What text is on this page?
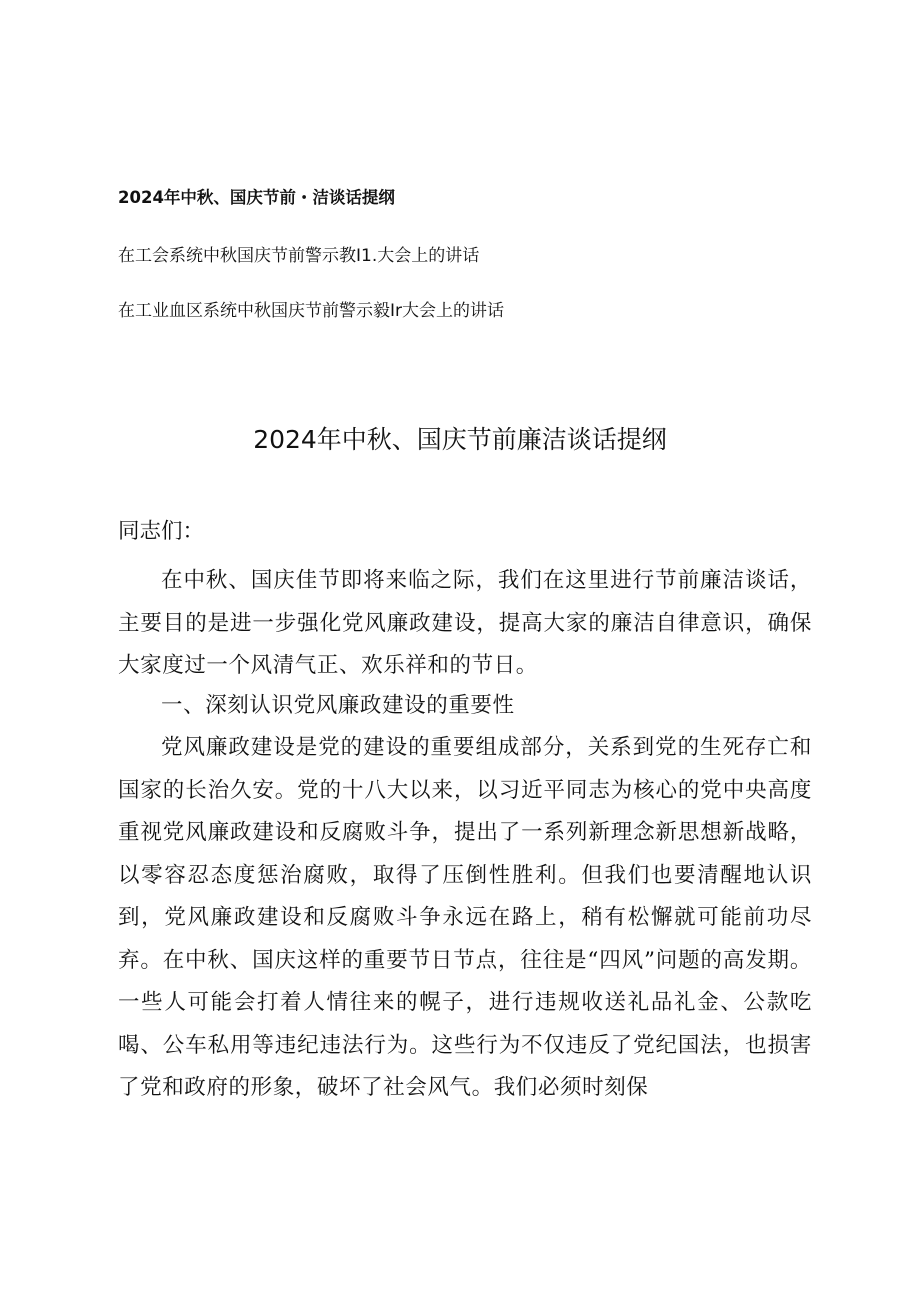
2024年中秋、国庆节前・洁谈话提纲
在工会系统中秋国庆节前警示教I1.大会上的讲话
在工业血区系统中秋国庆节前警示毅Ir大会上的讲话
2024年中秋、国庆节前廉洁谈话提纲
同志们：

在中秋、国庆佳节即将来临之际，我们在这里进行节前廉洁谈话，主要目的是进一步强化党风廉政建设，提高大家的廉洁自律意识，确保大家度过一个风清气正、欢乐祥和的节日。

一、深刻认识党风廉政建设的重要性

党风廉政建设是党的建设的重要组成部分，关系到党的生死存亡和国家的长治久安。党的十八大以来，以习近平同志为核心的党中央高度重视党风廉政建设和反腐败斗争，提出了一系列新理念新思想新战略，以零容忍态度惩治腐败，取得了压倒性胜利。但我们也要清醒地认识到，党风廉政建设和反腐败斗争永远在路上，稍有松懈就可能前功尽弃。在中秋、国庆这样的重要节日节点，往往是“四风”问题的高发期。一些人可能会打着人情往来的幌子，进行违规收送礼品礼金、公款吃喝、公车私用等违纪违法行为。这些行为不仅违反了党纪国法，也损害了党和政府的形象，破坏了社会风气。我们必须时刻保
